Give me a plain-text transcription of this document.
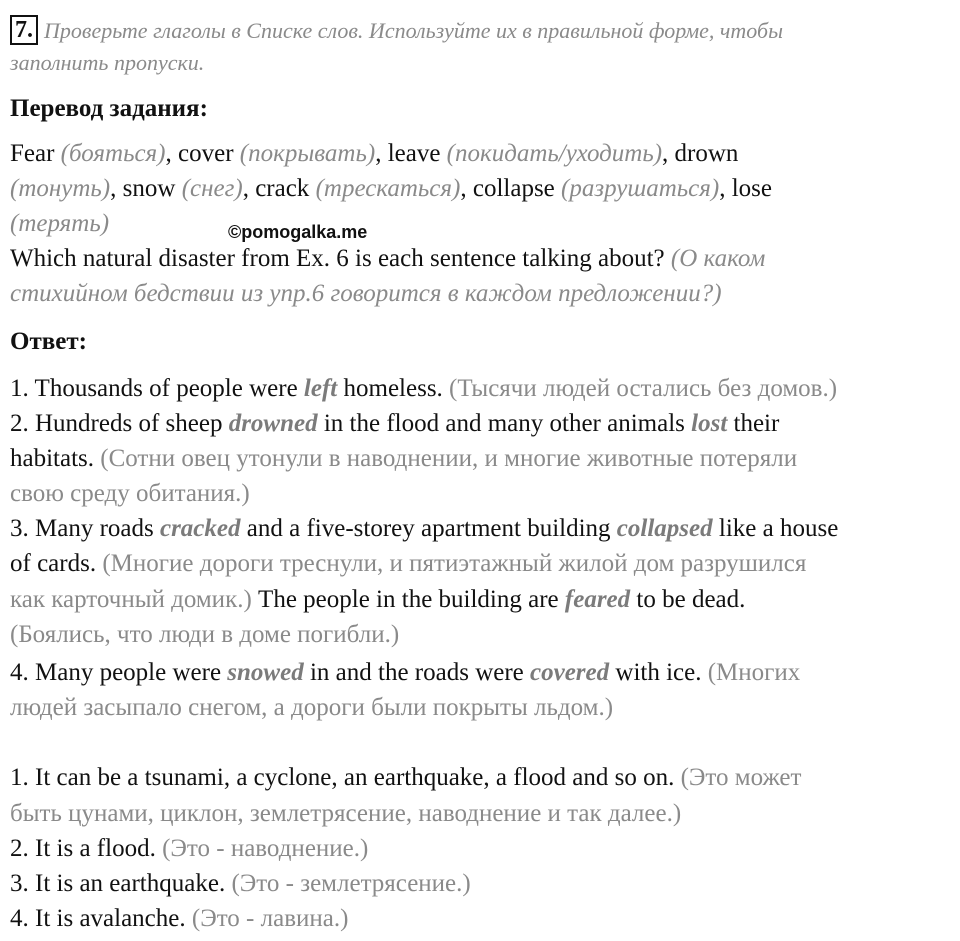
7. Проверьте глаголы в Списке слов. Используйте их в правильной форме, чтобы
заполнить пропуски.
Перевод задания:
Fear (бояться), cover (покрывать), leave (покидать/уходить), drown
(тонуть), snow (снег), crack (трескаться), collapse (разрушаться), lose
(терять)	©pomogalka.me
Which natural disaster from Ex. 6 is each sentence talking about? (О каком
стихийном бедствии из упр.6 говорится в каждом предложении?)
Ответ:
1. Thousands of people were left homeless. (Тысячи людей остались без домов.)
2. Hundreds of sheep drowned in the flood and many other animals lost their
habitats. (Сотни овец утонули в наводнении, и многие животные потеряли
свою среду обитания.)
3. Many roads cracked and a five-storey apartment building collapsed like a house
of cards. (Многие дороги треснули, и пятиэтажный жилой дом разрушился
как карточный домик.) The people in the building are feared to be dead.
(Боялись, что люди в доме погибли.)
4. Many people were snowed in and the roads were covered with ice. (Многих
людей засыпало снегом, а дороги были покрыты льдом.)
1. It can be a tsunami, a cyclone, an earthquake, a flood and so on. (Это может
быть цунами, циклон, землетрясение, наводнение и так далее.)
2. It is a flood. (Это - наводнение.)
3. It is an earthquake. (Это - землетрясение.)
4. It is avalanche. (Это - лавина.)
